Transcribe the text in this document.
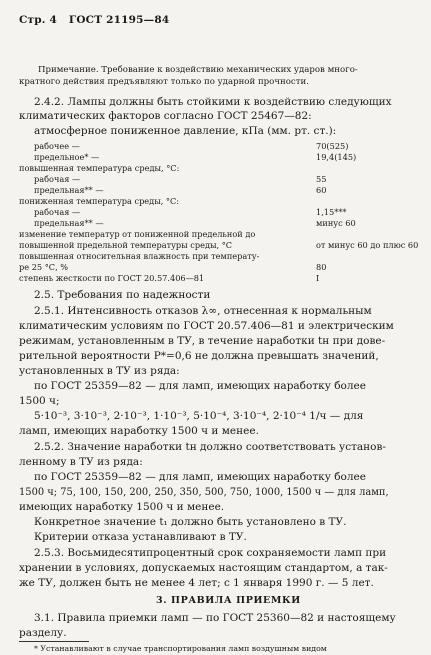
Стр. 4 ГОСТ 21195—84
Примечание. Требование к воздействию механических ударов много-
кратного действия предъявляют только по ударной прочности.
2.4.2. Лампы должны быть стойкими к воздействию следующих
климатических факторов согласно ГОСТ 25467—82:
атмосферное пониженное давление, кПа (мм. рт. ст.):
рабочее —	70(525)
предельное* —	19,4(145)
повышенная температура среды, °С:
рабочая —	55
предельная** —	60
пониженная температура среды, °С:
рабочая —	1,15***
предельная** —	минус 60
изменение температур от пониженной предельной до
повышенной предельной температуры среды, °С	от минус 60 до плюс 60
повышенная относительная влажность при температу-
ре 25 °С, %	80
степень жесткости по ГОСТ 20.57.406—81	I
2.5. Требования по надежности
2.5.1. Интенсивность отказов λ∞, отнесенная к нормальным
климатическим условиям по ГОСТ 20.57.406—81 и электрическим
режимам, установленным в ТУ, в течение наработки tн при дове-
рительной вероятности P*=0,6 не должна превышать значений,
установленных в ТУ из ряда:
по ГОСТ 25359—82 — для ламп, имеющих наработку более
1500 ч;
5·10⁻³, 3·10⁻³, 2·10⁻³, 1·10⁻³, 5·10⁻⁴, 3·10⁻⁴, 2·10⁻⁴ 1/ч — для
ламп, имеющих наработку 1500 ч и менее.
2.5.2. Значение наработки tн должно соответствовать установ-
ленному в ТУ из ряда:
по ГОСТ 25359—82 — для ламп, имеющих наработку более
1500 ч; 75, 100, 150, 200, 250, 350, 500, 750, 1000, 1500 ч — для ламп,
имеющих наработку 1500 ч и менее.
Конкретное значение t₁ должно быть установлено в ТУ.
Критерии отказа устанавливают в ТУ.
2.5.3. Восьмидесятипроцентный срок сохраняемости ламп при
хранении в условиях, допускаемых настоящим стандартом, а так-
же ТУ, должен быть не менее 4 лет; с 1 января 1990 г. — 5 лет.
3. ПРАВИЛА ПРИЕМКИ
3.1. Правила приемки ламп — по ГОСТ 25360—82 и настоящему
разделу.
* Устанавливают в случае транспортирования ламп воздушным видом
